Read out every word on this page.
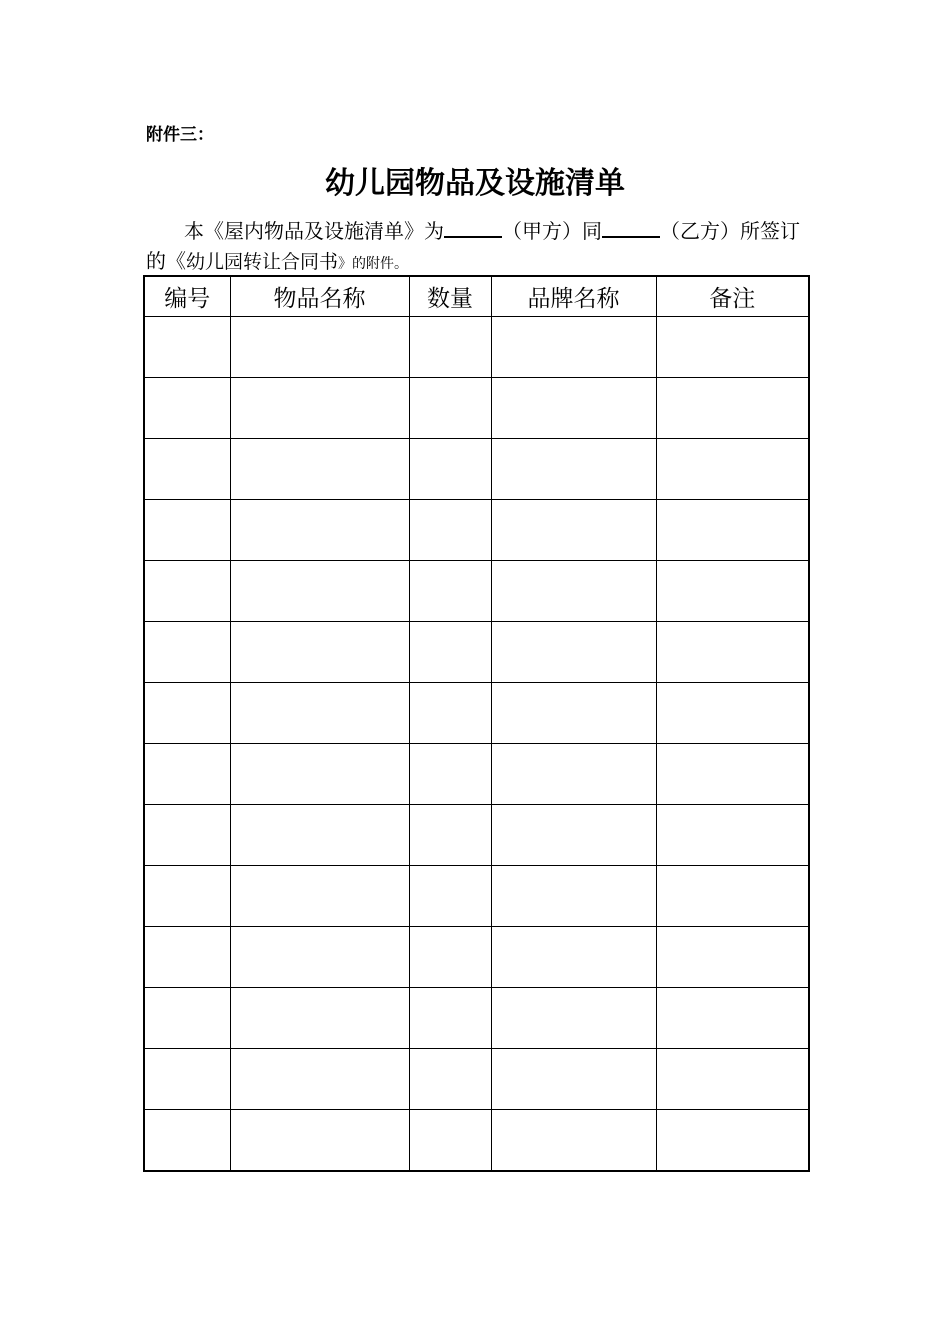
附件三：
幼儿园物品及设施清单
本《屋内物品及设施清单》为	（甲方）同	（乙方）所签订的《幼儿园转让合同书》的附件。
编号	物品名称	数量	品牌名称	备注
